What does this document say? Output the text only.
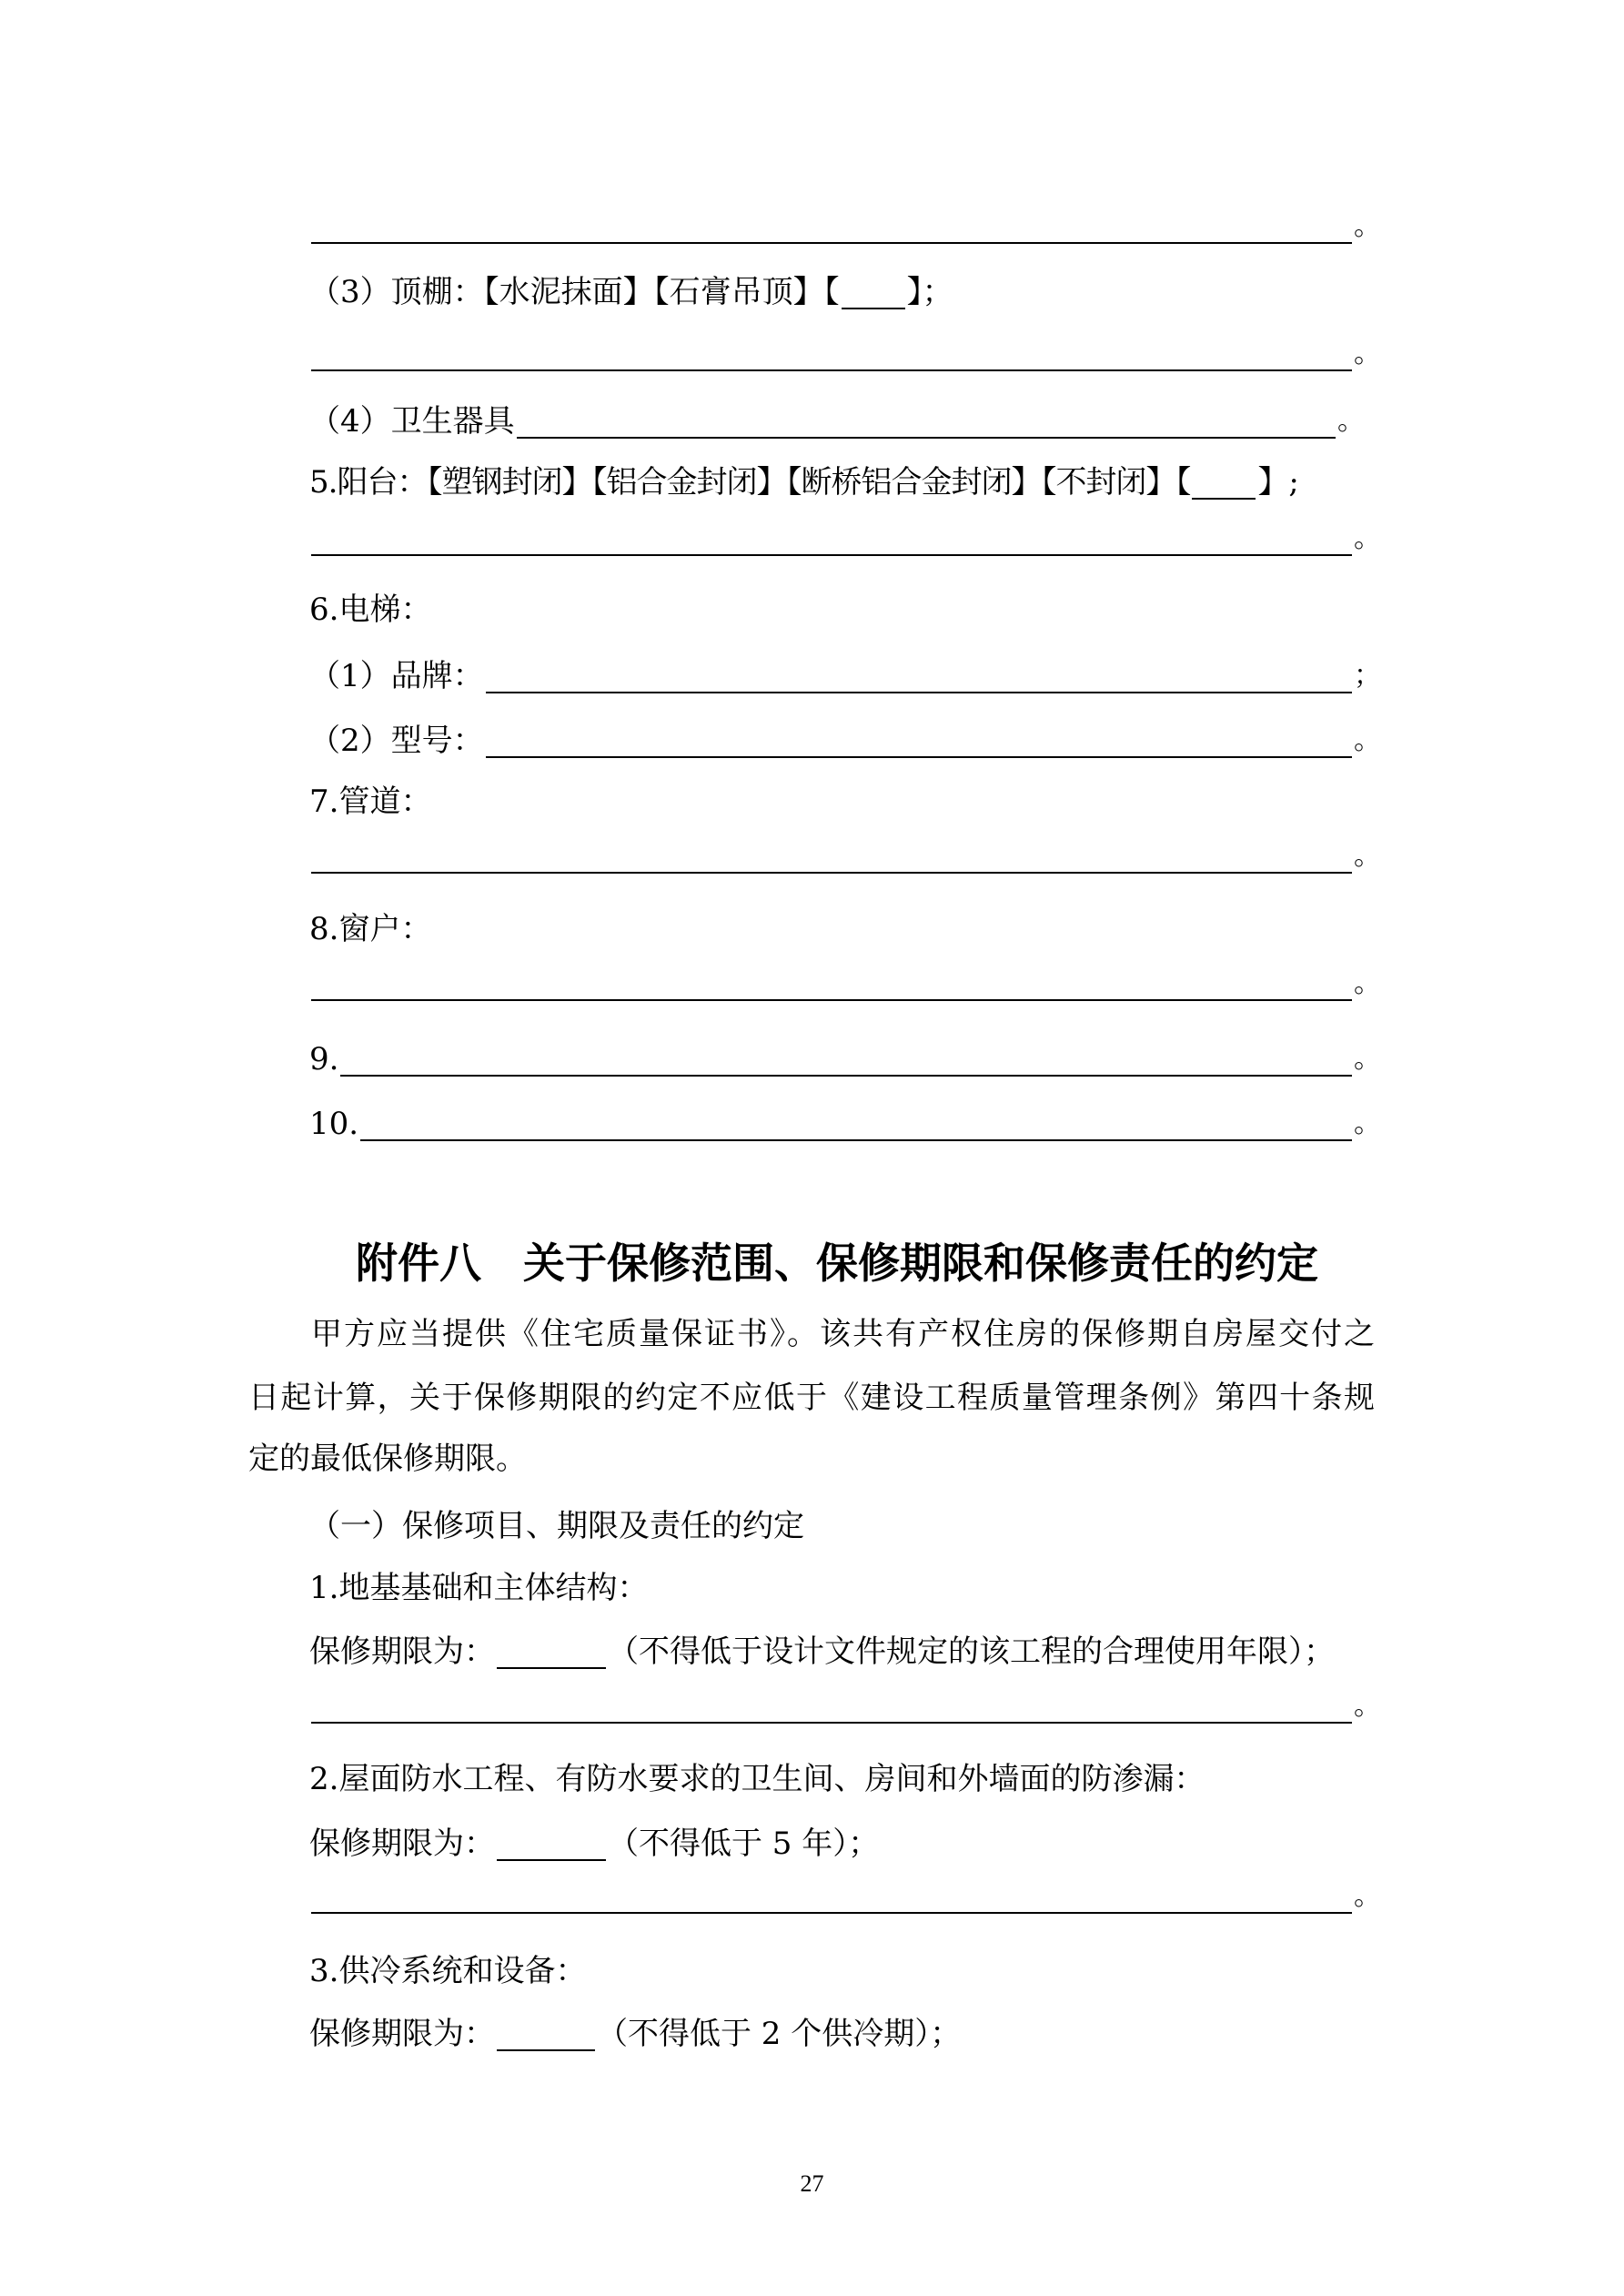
。
（3）顶棚：【水泥抹面】【石膏吊顶】【 】；
。
（4）卫生器具	。
5.阳台：【塑钢封闭】【铝合金封闭】【断桥铝合金封闭】【不封闭】【 】;
。
6.电梯：
（1）品牌：	；
（2）型号：	。
7.管道：
。
8.窗户：
。
9.	。
10.	。
附件八　关于保修范围、保修期限和保修责任的约定
甲方应当提供《住宅质量保证书》。该共有产权住房的保修期自房屋交付之
日起计算，关于保修期限的约定不应低于《建设工程质量管理条例》第四十条规
定的最低保修期限。
（一）保修项目、期限及责任的约定
1.地基基础和主体结构：
保修期限为：	（不得低于设计文件规定的该工程的合理使用年限）；
。
2.屋面防水工程、有防水要求的卫生间、房间和外墙面的防渗漏：
保修期限为：	（不得低于 5 年）；
。
3.供冷系统和设备：
保修期限为：	（不得低于 2 个供冷期）；
27
